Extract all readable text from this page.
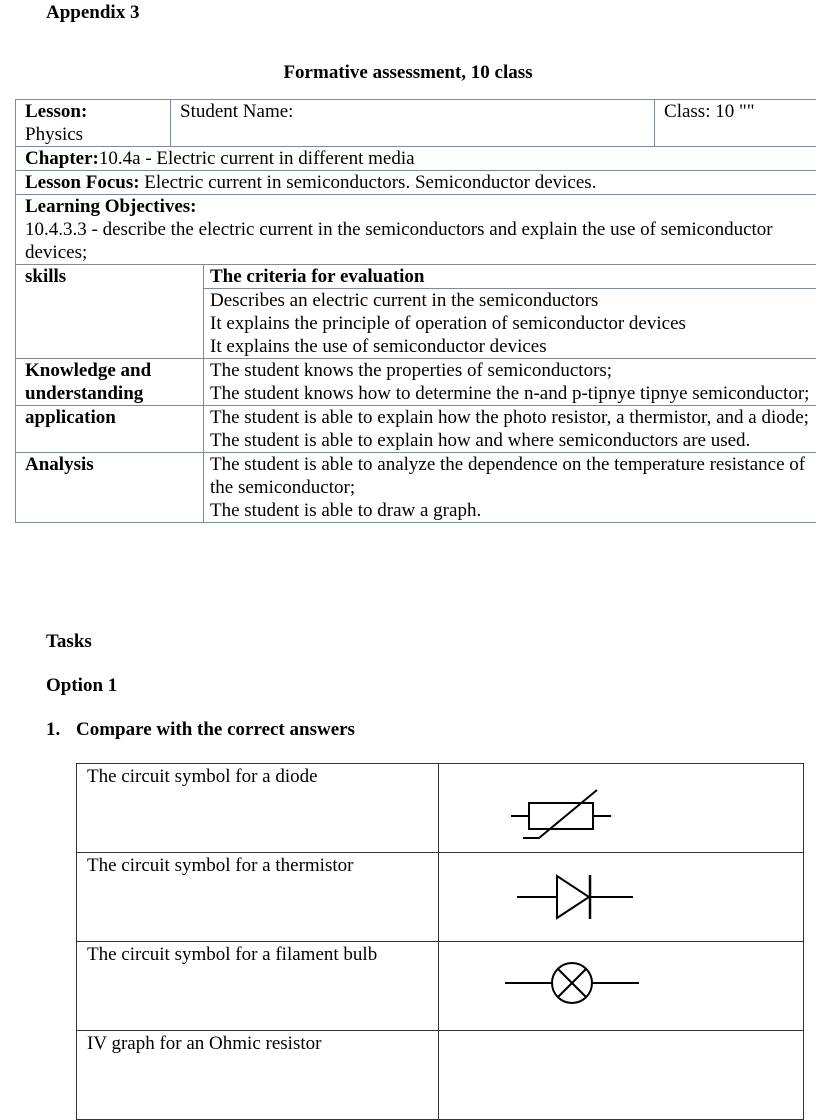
Appendix 3
Formative assessment, 10 class
Lesson:
Physics	Student Name:		Class: 10 ""
Chapter:10.4a - Electric current in different media			
Lesson Focus: Electric current in semiconductors. Semiconductor devices.			

Learning Objectives:
10.4.3.3 - describe the electric current in the semiconductors and explain the use of semiconductor devices;			

skills		The criteria for evaluation
Describes an electric current in the semiconductors
It explains the principle of operation of semiconductor devices
It explains the use of semiconductor devices	

Knowledge and understanding		The student knows the properties of semiconductors;
The student knows how to determine the n-and p-tipnye tipnye semiconductor;	

application		The student is able to explain how the photo resistor, a thermistor, and a diode;
The student is able to explain how and where semiconductors are used.	

Analysis		The student is able to analyze the dependence on the temperature resistance of the semiconductor;
The student is able to draw a graph.	
Tasks
Option 1
1. Compare with the correct answers
The circuit symbol for a diode	

The circuit symbol for a thermistor	

The circuit symbol for a filament bulb	

IV graph for an Ohmic resistor	
